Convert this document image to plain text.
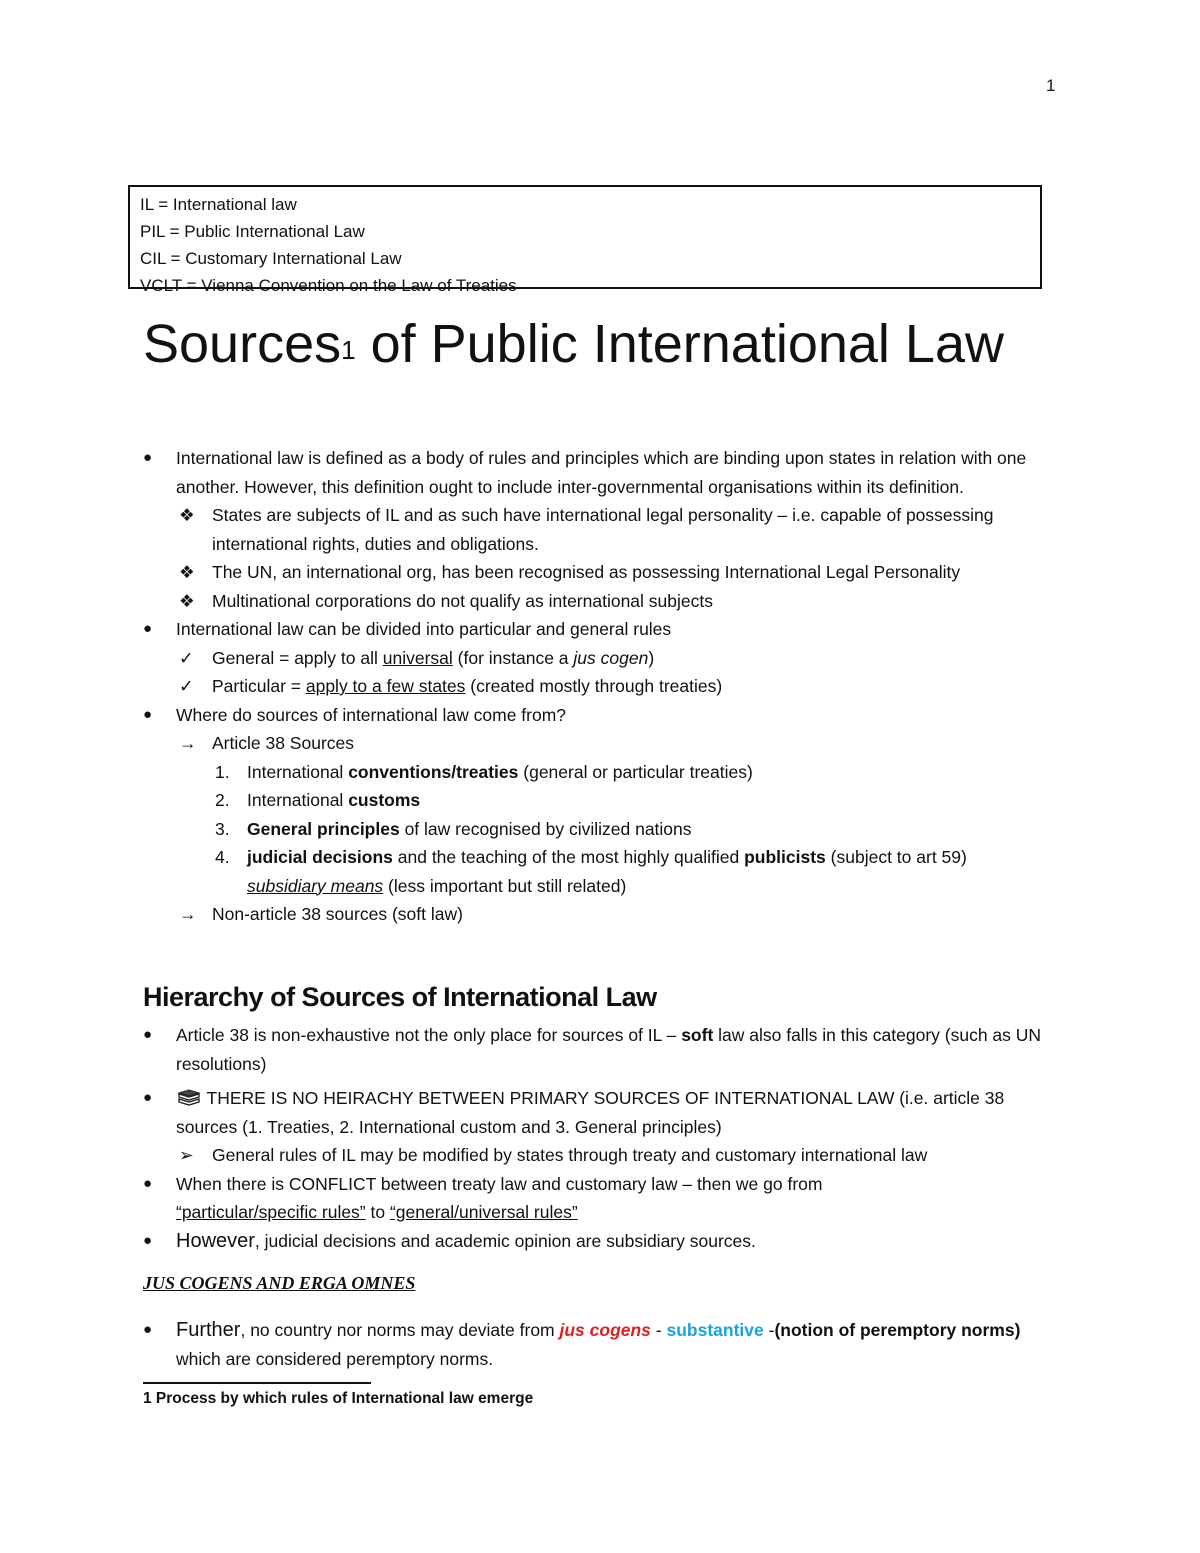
1
IL = International law
PIL = Public International Law
CIL = Customary International Law
VCLT = Vienna Convention on the Law of Treaties
Sources$^1$ of Public International Law
● International law is defined as a body of rules and principles which are binding upon states in relation with one another. However, this definition ought to include inter-governmental organisations within its definition.
❖ States are subjects of IL and as such have international legal personality – i.e. capable of possessing international rights, duties and obligations.
❖ The UN, an international org, has been recognised as possessing International Legal Personality
❖ Multinational corporations do not qualify as international subjects
● International law can be divided into particular and general rules
✓ General = apply to all universal (for instance a jus cogen)
✓ Particular = apply to a few states (created mostly through treaties)
● Where do sources of international law come from?
→ Article 38 Sources
1. International conventions/treaties (general or particular treaties)
2. International customs
3. General principles of law recognised by civilized nations
4. judicial decisions and the teaching of the most highly qualified publicists (subject to art 59)
subsidiary means (less important but still related)
→ Non-article 38 sources (soft law)
Hierarchy of Sources of International Law
● Article 38 is non-exhaustive not the only place for sources of IL – soft law also falls in this category (such as UN resolutions)
●	THERE IS NO HEIRACHY BETWEEN PRIMARY SOURCES OF INTERNATIONAL LAW (i.e. article 38 sources (1. Treaties, 2. International custom and 3. General principles)
➢ General rules of IL may be modified by states through treaty and customary international law
● When there is CONFLICT between treaty law and customary law – then we go from
“particular/specific rules” to “general/universal rules”
● However, judicial decisions and academic opinion are subsidiary sources.
JUS COGENS AND ERGA OMNES
● Further, no country nor norms may deviate from jus cogens - substantive -(notion of peremptory norms) which are considered peremptory norms.
1 Process by which rules of International law emerge
